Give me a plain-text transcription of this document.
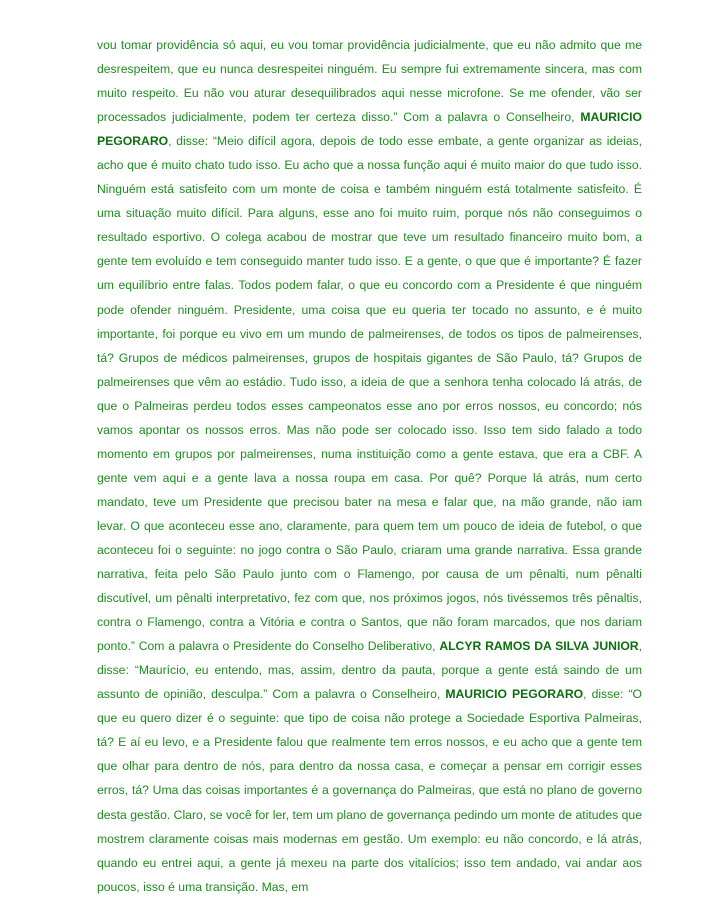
vou tomar providência só aqui, eu vou tomar providência judicialmente, que eu não admito que me desrespeitem, que eu nunca desrespeitei ninguém. Eu sempre fui extremamente sincera, mas com muito respeito. Eu não vou aturar desequilibrados aqui nesse microfone. Se me ofender, vão ser processados judicialmente, podem ter certeza disso.” Com a palavra o Conselheiro, MAURICIO PEGORARO, disse: “Meio difícil agora, depois de todo esse embate, a gente organizar as ideias, acho que é muito chato tudo isso. Eu acho que a nossa função aqui é muito maior do que tudo isso. Ninguém está satisfeito com um monte de coisa e também ninguém está totalmente satisfeito. É uma situação muito difícil. Para alguns, esse ano foi muito ruim, porque nós não conseguimos o resultado esportivo. O colega acabou de mostrar que teve um resultado financeiro muito bom, a gente tem evoluído e tem conseguido manter tudo isso. E a gente, o que que é importante? É fazer um equilíbrio entre falas. Todos podem falar, o que eu concordo com a Presidente é que ninguém pode ofender ninguém. Presidente, uma coisa que eu queria ter tocado no assunto, e é muito importante, foi porque eu vivo em um mundo de palmeirenses, de todos os tipos de palmeirenses, tá? Grupos de médicos palmeirenses, grupos de hospitais gigantes de São Paulo, tá? Grupos de palmeirenses que vêm ao estádio. Tudo isso, a ideia de que a senhora tenha colocado lá atrás, de que o Palmeiras perdeu todos esses campeonatos esse ano por erros nossos, eu concordo; nós vamos apontar os nossos erros. Mas não pode ser colocado isso. Isso tem sido falado a todo momento em grupos por palmeirenses, numa instituição como a gente estava, que era a CBF. A gente vem aqui e a gente lava a nossa roupa em casa. Por quê? Porque lá atrás, num certo mandato, teve um Presidente que precisou bater na mesa e falar que, na mão grande, não iam levar. O que aconteceu esse ano, claramente, para quem tem um pouco de ideia de futebol, o que aconteceu foi o seguinte: no jogo contra o São Paulo, criaram uma grande narrativa. Essa grande narrativa, feita pelo São Paulo junto com o Flamengo, por causa de um pênalti, num pênalti discutível, um pênalti interpretativo, fez com que, nos próximos jogos, nós tivéssemos três pênaltis, contra o Flamengo, contra a Vitória e contra o Santos, que não foram marcados, que nos dariam ponto.” Com a palavra o Presidente do Conselho Deliberativo, ALCYR RAMOS DA SILVA JUNIOR, disse: “Maurício, eu entendo, mas, assim, dentro da pauta, porque a gente está saindo de um assunto de opinião, desculpa.” Com a palavra o Conselheiro, MAURICIO PEGORARO, disse: “O que eu quero dizer é o seguinte: que tipo de coisa não protege a Sociedade Esportiva Palmeiras, tá? E aí eu levo, e a Presidente falou que realmente tem erros nossos, e eu acho que a gente tem que olhar para dentro de nós, para dentro da nossa casa, e começar a pensar em corrigir esses erros, tá? Uma das coisas importantes é a governança do Palmeiras, que está no plano de governo desta gestão. Claro, se você for ler, tem um plano de governança pedindo um monte de atitudes que mostrem claramente coisas mais modernas em gestão. Um exemplo: eu não concordo, e lá atrás, quando eu entrei aqui, a gente já mexeu na parte dos vitalícios; isso tem andado, vai andar aos poucos, isso é uma transição. Mas, em
